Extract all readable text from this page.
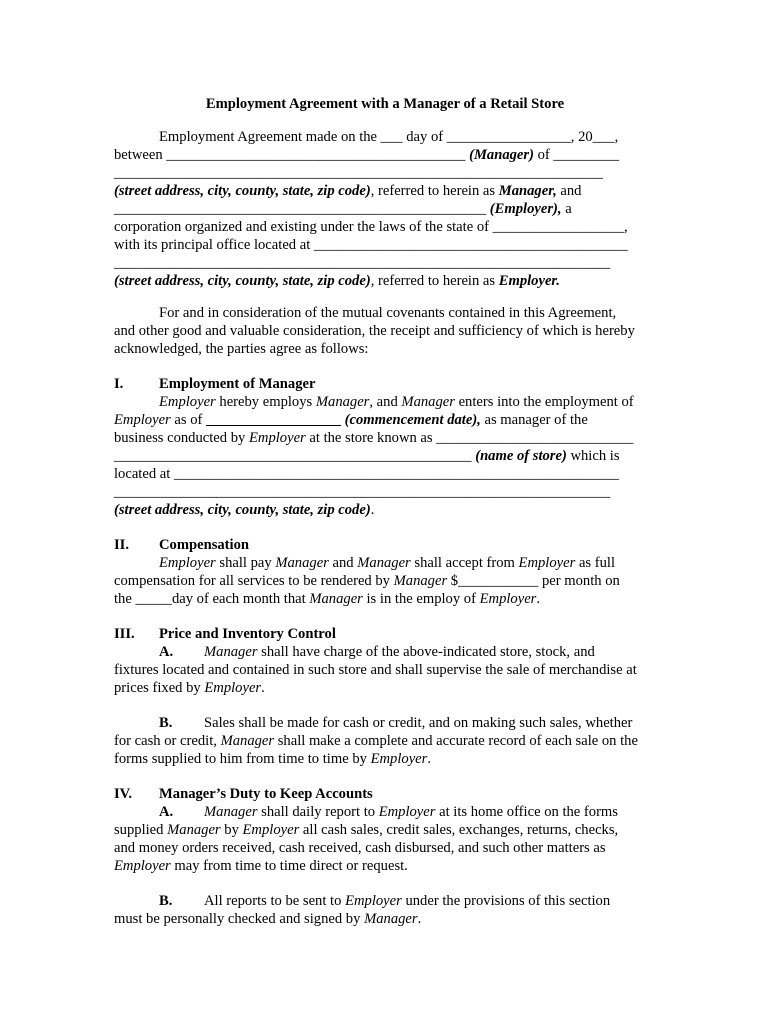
Employment Agreement with a Manager of a Retail Store
Employment Agreement made on the ___ day of _________________, 20___,
between _________________________________________ (Manager) of _________
___________________________________________________________________
(street address, city, county, state, zip code), referred to herein as Manager, and
___________________________________________________ (Employer), a
corporation organized and existing under the laws of the state of __________________,
with its principal office located at ___________________________________________
____________________________________________________________________
(street address, city, county, state, zip code), referred to herein as Employer.
For and in consideration of the mutual covenants contained in this Agreement,
and other good and valuable consideration, the receipt and sufficiency of which is hereby
acknowledged, the parties agree as follows:
I. Employment of Manager
Employer hereby employs Manager, and Manager enters into the employment of
Employer as of	(commencement date), as manager of the
business conducted by Employer at the store known as ___________________________
_________________________________________________ (name of store) which is
located at _____________________________________________________________
____________________________________________________________________
(street address, city, county, state, zip code).
II. Compensation
Employer shall pay Manager and Manager shall accept from Employer as full
compensation for all services to be rendered by Manager $___________ per month on
the _____day of each month that Manager is in the employ of Employer.
III. Price and Inventory Control
A. Manager shall have charge of the above-indicated store, stock, and
fixtures located and contained in such store and shall supervise the sale of merchandise at
prices fixed by Employer.
B. Sales shall be made for cash or credit, and on making such sales, whether
for cash or credit, Manager shall make a complete and accurate record of each sale on the
forms supplied to him from time to time by Employer.
IV. Manager’s Duty to Keep Accounts
A. Manager shall daily report to Employer at its home office on the forms
supplied Manager by Employer all cash sales, credit sales, exchanges, returns, checks,
and money orders received, cash received, cash disbursed, and such other matters as
Employer may from time to time direct or request.
B. All reports to be sent to Employer under the provisions of this section
must be personally checked and signed by Manager.
